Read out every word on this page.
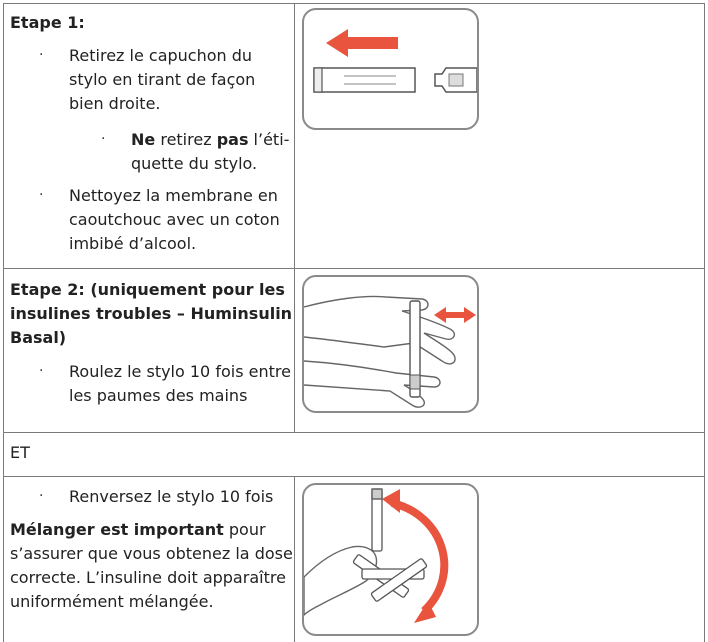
Etape 1:
· Retirez le capuchon du
stylo en tirant de façon
bien droite.
· Ne retirez pas l’éti-
quette du stylo.
· Nettoyez la membrane en
caoutchouc avec un coton
imbibé d’alcool.
Etape 2: (uniquement pour les
insulines troubles – Huminsulin
Basal)
· Roulez le stylo 10 fois entre
les paumes des mains
ET
· Renversez le stylo 10 fois
Mélanger est important pour
s’assurer que vous obtenez la dose
correcte. L’insuline doit apparaître
uniformément mélangée.
